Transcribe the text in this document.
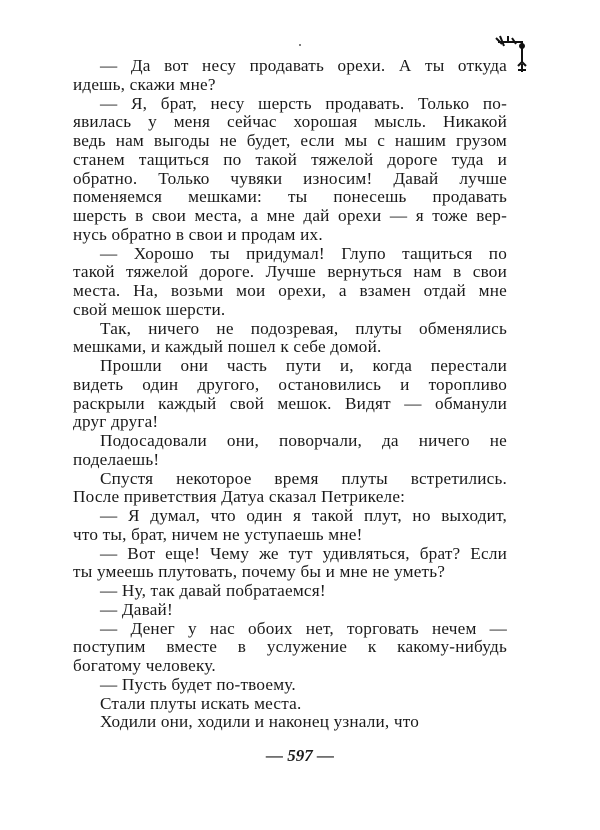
— Да вот несу продавать орехи. А ты откуда
идешь, скажи мне?
— Я, брат, несу шерсть продавать. Только по-
явилась у меня сейчас хорошая мысль. Никакой
ведь нам выгоды не будет, если мы с нашим грузом
станем тащиться по такой тяжелой дороге туда и
обратно. Только чувяки износим! Давай лучше
поменяемся мешками: ты понесешь продавать
шерсть в свои места, а мне дай орехи — я тоже вер-
нусь обратно в свои и продам их.
— Хорошо ты придумал! Глупо тащиться по
такой тяжелой дороге. Лучше вернуться нам в свои
места. На, возьми мои орехи, а взамен отдай мне
свой мешок шерсти.
Так, ничего не подозревая, плуты обменялись
мешками, и каждый пошел к себе домой.
Прошли они часть пути и, когда перестали
видеть один другого, остановились и торопливо
раскрыли каждый свой мешок. Видят — обманули
друг друга!
Подосадовали они, поворчали, да ничего не
поделаешь!
Спустя некоторое время плуты встретились.
После приветствия Датуа сказал Петрикеле:
— Я думал, что один я такой плут, но выходит,
что ты, брат, ничем не уступаешь мне!
— Вот еще! Чему же тут удивляться, брат? Если
ты умеешь плутовать, почему бы и мне не уметь?
— Ну, так давай побратаемся!
— Давай!
— Денег у нас обоих нет, торговать нечем —
поступим вместе в услужение к какому-нибудь
богатому человеку.
— Пусть будет по-твоему.
Стали плуты искать места.
Ходили они, ходили и наконец узнали, что
— 597 —
